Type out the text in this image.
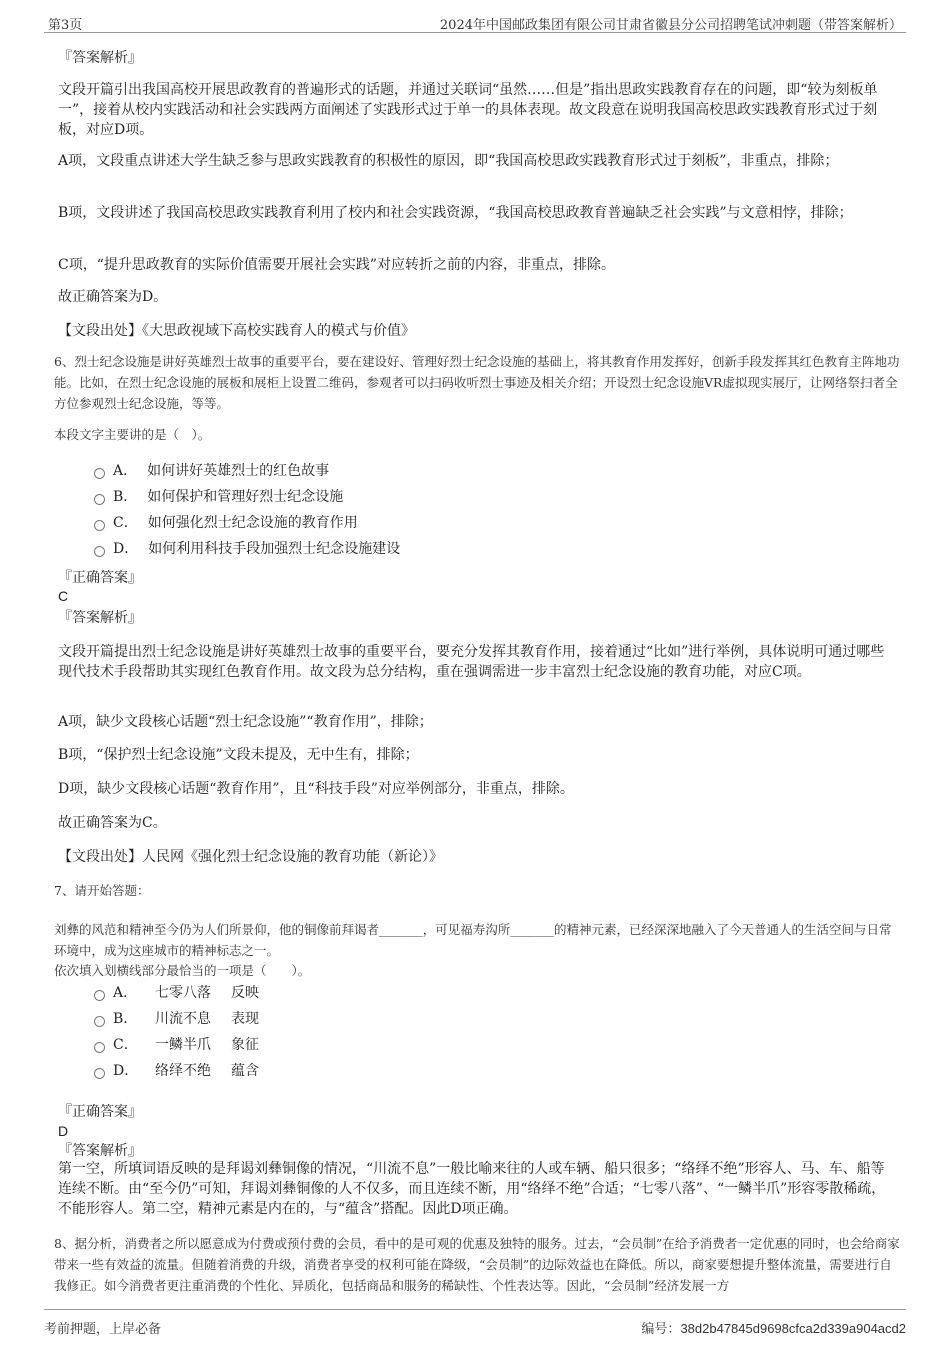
第3页	2024年中国邮政集团有限公司甘肃省徽县分公司招聘笔试冲刺题（带答案解析）
『答案解析』

文段开篇引出我国高校开展思政教育的普遍形式的话题，并通过关联词“虽然……但是”指出思政实践教育存在的问题，即“较为刻板单一”，接着从校内实践活动和社会实践两方面阐述了实践形式过于单一的具体表现。故文段意在说明我国高校思政实践教育形式过于刻板，对应D项。

A项，文段重点讲述大学生缺乏参与思政实践教育的积极性的原因，即“我国高校思政实践教育形式过于刻板”，非重点，排除；

B项，文段讲述了我国高校思政实践教育利用了校内和社会实践资源，“我国高校思政教育普遍缺乏社会实践”与文意相悖，排除；

C项，“提升思政教育的实际价值需要开展社会实践”对应转折之前的内容，非重点，排除。

故正确答案为D。

【文段出处】《大思政视域下高校实践育人的模式与价值》

6、烈士纪念设施是讲好英雄烈士故事的重要平台，要在建设好、管理好烈士纪念设施的基础上，将其教育作用发挥好，创新手段发挥其红色教育主阵地功能。比如，在烈士纪念设施的展板和展柜上设置二维码，参观者可以扫码收听烈士事迹及相关介绍；开设烈士纪念设施VR虚拟现实展厅，让网络祭扫者全方位参观烈士纪念设施，等等。

本段文字主要讲的是（　）。

A． 如何讲好英雄烈士的红色故事
B． 如何保护和管理好烈士纪念设施
C． 如何强化烈士纪念设施的教育作用
D． 如何利用科技手段加强烈士纪念设施建设
『正确答案』
C
『答案解析』

文段开篇提出烈士纪念设施是讲好英雄烈士故事的重要平台，要充分发挥其教育作用，接着通过“比如”进行举例，具体说明可通过哪些现代技术手段帮助其实现红色教育作用。故文段为总分结构，重在强调需进一步丰富烈士纪念设施的教育功能，对应C项。

A项，缺少文段核心话题“烈士纪念设施”“教育作用”，排除；

B项，“保护烈士纪念设施”文段未提及，无中生有，排除；

D项，缺少文段核心话题“教育作用”，且“科技手段”对应举例部分，非重点，排除。

故正确答案为C。

【文段出处】人民网《强化烈士纪念设施的教育功能（新论）》

7、请开始答题：

刘彝的风范和精神至今仍为人们所景仰，他的铜像前拜谒者_______，可见福寿沟所_______的精神元素，已经深深地融入了今天普通人的生活空间与日常环境中，成为这座城市的精神标志之一。

依次填入划横线部分最恰当的一项是（　　）。

A．	七零八落	反映
B．	川流不息	表现
C．	一鳞半爪	象征
D．	络绎不绝	蕴含
『正确答案』
D
『答案解析』

第一空，所填词语反映的是拜谒刘彝铜像的情况，“川流不息”一般比喻来往的人或车辆、船只很多；“络绎不绝”形容人、马、车、船等连续不断。由“至今仍”可知，拜谒刘彝铜像的人不仅多，而且连续不断，用“络绎不绝”合适；“七零八落”、“一鳞半爪”形容零散稀疏，不能形容人。第二空，精神元素是内在的，与“蕴含”搭配。因此D项正确。

8、据分析，消费者之所以愿意成为付费或预付费的会员，看中的是可观的优惠及独特的服务。过去，“会员制”在给予消费者一定优惠的同时，也会给商家带来一些有效益的流量。但随着消费的升级，消费者享受的权利可能在降级，“会员制”的边际效益也在降低。所以，商家要想提升整体流量，需要进行自我修正。如今消费者更注重消费的个性化、异质化，包括商品和服务的稀缺性、个性表达等。因此，“会员制”经济发展一方

考前押题，上岸必备	编号：38d2b47845d9698cfca2d339a904acd2
